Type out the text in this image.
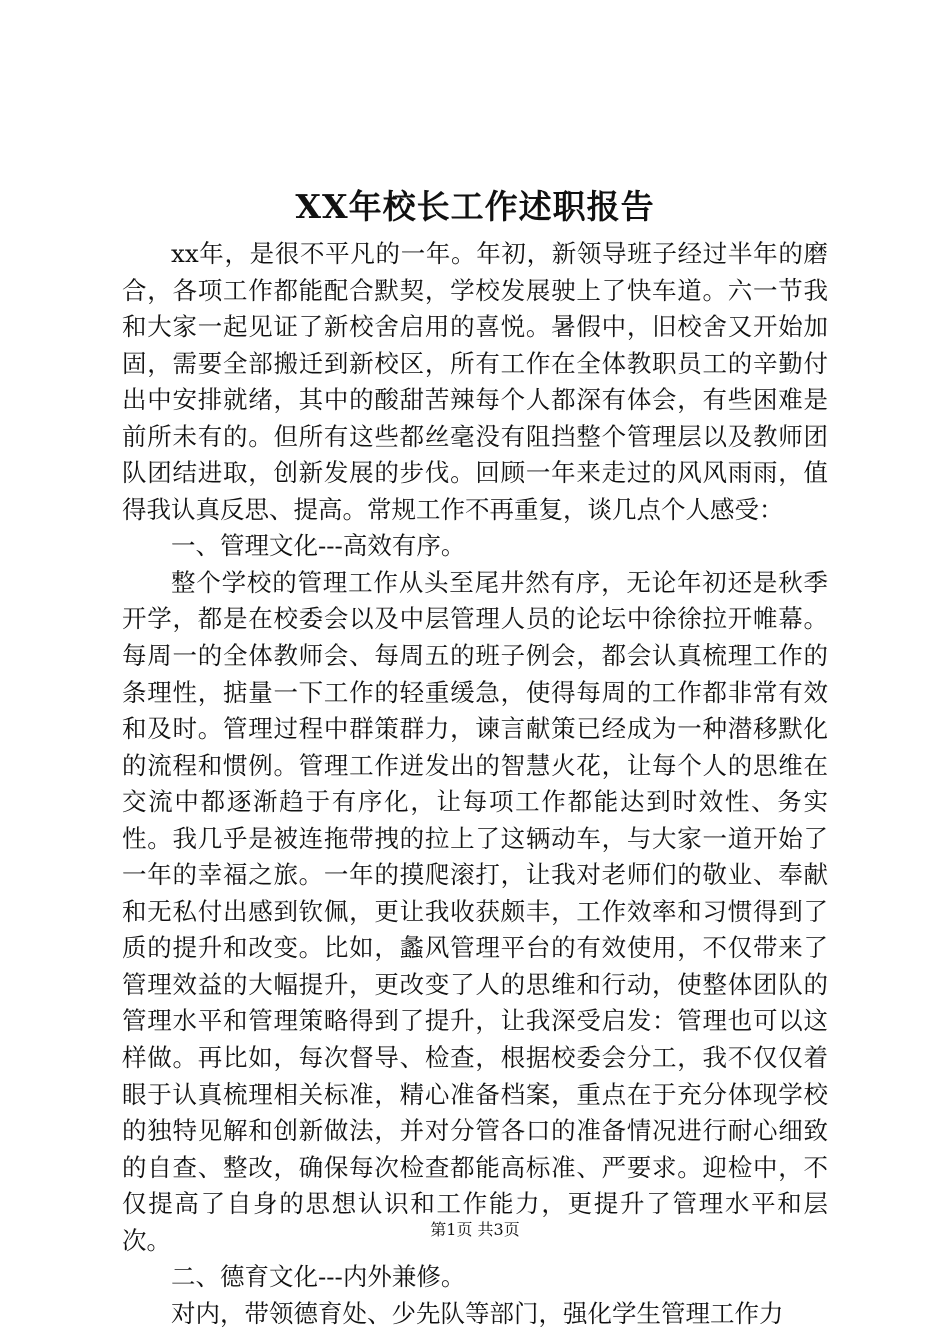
XX年校长工作述职报告

xx年，是很不平凡的一年。年初，新领导班子经过半年的磨合，各项工作都能配合默契，学校发展驶上了快车道。六一节我和大家一起见证了新校舍启用的喜悦。暑假中，旧校舍又开始加固，需要全部搬迁到新校区，所有工作在全体教职员工的辛勤付出中安排就绪，其中的酸甜苦辣每个人都深有体会，有些困难是前所未有的。但所有这些都丝毫没有阻挡整个管理层以及教师团队团结进取，创新发展的步伐。回顾一年来走过的风风雨雨，值得我认真反思、提高。常规工作不再重复，谈几点个人感受：

一、管理文化---高效有序。

整个学校的管理工作从头至尾井然有序，无论年初还是秋季开学，都是在校委会以及中层管理人员的论坛中徐徐拉开帷幕。每周一的全体教师会、每周五的班子例会，都会认真梳理工作的条理性，掂量一下工作的轻重缓急，使得每周的工作都非常有效和及时。管理过程中群策群力，谏言献策已经成为一种潜移默化的流程和惯例。管理工作迸发出的智慧火花，让每个人的思维在交流中都逐渐趋于有序化，让每项工作都能达到时效性、务实性。我几乎是被连拖带拽的拉上了这辆动车，与大家一道开始了一年的幸福之旅。一年的摸爬滚打，让我对老师们的敬业、奉献和无私付出感到钦佩，更让我收获颇丰，工作效率和习惯得到了质的提升和改变。比如，蠡风管理平台的有效使用，不仅带来了管理效益的大幅提升，更改变了人的思维和行动，使整体团队的管理水平和管理策略得到了提升，让我深受启发：管理也可以这样做。再比如，每次督导、检查，根据校委会分工，我不仅仅着眼于认真梳理相关标准，精心准备档案，重点在于充分体现学校的独特见解和创新做法，并对分管各口的准备情况进行耐心细致的自查、整改，确保每次检查都能高标准、严要求。迎检中，不仅提高了自身的思想认识和工作能力，更提升了管理水平和层次。

二、德育文化---内外兼修。

对内，带领德育处、少先队等部门，强化学生管理工作力

第1页 共3页
